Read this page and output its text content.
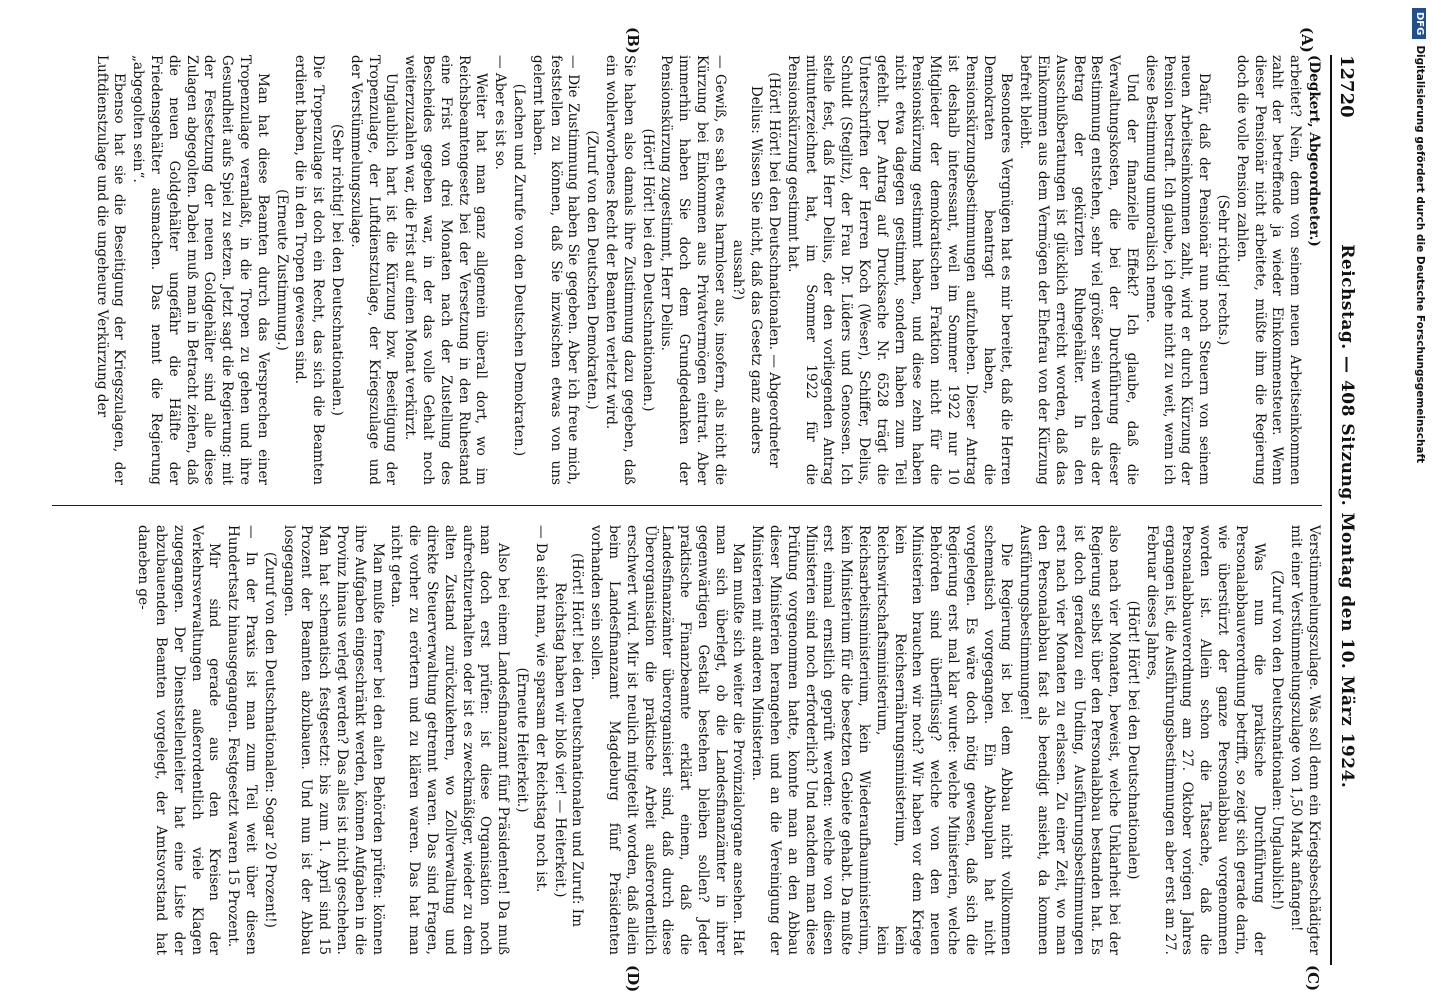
12720
Reichstag. — 408 Sitzung. Montag den 10. März 1924.
(A)
(B)
(C)
(D)

(Degkert, Abgeordneter.)

arbeitet? Nein, denn von seinem neuen Arbeitseinkommen zahlt der betreffende ja wieder Einkommensteuer. Wenn dieser Pensionär nicht arbeitete, müßte ihm die Regierung doch die volle Pension zahlen.

(Sehr richtig! rechts.)

Dafür, daß der Pensionär nun noch Steuern von seinem neuen Arbeitseinkommen zahlt, wird er durch Kürzung der Pension bestraft. Ich glaube, ich gehe nicht zu weit, wenn ich diese Bestimmung unmoralisch nenne.

Und der finanzielle Effekt? Ich glaube, daß die Verwaltungskosten, die bei der Durchführung dieser Bestimmung entstehen, sehr viel größer sein werden als der Betrag der gekürzten Ruhegehälter. In den Ausschußberatungen ist glücklich erreicht worden, daß das Einkommen aus dem Vermögen der Ehefrau von der Kürzung befreit bleibt.

Besonderes Vergnügen hat es mir bereitet, daß die Herren Demokraten beantragt haben, die Pensionskürzungsbestimmungen aufzuheben. Dieser Antrag ist deshalb interessant, weil im Sommer 1922 nur 10 Mitglieder der demokratischen Fraktion nicht für die Pensionskürzung gestimmt haben, und diese zehn haben nicht etwa dagegen gestimmt, sondern haben zum Teil gefehlt. Der Antrag auf Drucksache Nr. 6528 trägt die Unterschriften der Herren Koch (Weser), Schiffer, Delius, Schuldt (Steglitz), der Frau Dr. Lüders und Genossen. Ich stelle fest, daß Herr Delius, der den vorliegenden Antrag mitunterzeichnet hat, im Sommer 1922 für die Pensionskürzung gestimmt hat.

(Hört! Hört! bei den Deutschnationalen. — Abgeordneter Delius: Wissen Sie nicht, daß das Gesetz ganz anders aussah?)

— Gewiß, es sah etwas harmloser aus, insofern, als nicht die Kürzung bei Einkommen aus Privatvermögen eintrat. Aber immerhin haben Sie doch dem Grundgedanken der Pensionskürzung zugestimmt, Herr Delius.

(Hört! Hört! bei den Deutschnationalen.)

Sie haben also damals ihre Zustimmung dazu gegeben, daß ein wohlerworbenes Recht der Beamten verletzt wird.

(Zuruf von den Deutschen Demokraten.)

— Die Zustimmung haben Sie gegeben. Aber ich freue mich, feststellen zu können, daß Sie inzwischen etwas von uns gelernt haben.

(Lachen und Zurufe von den Deutschen Demokraten.)

— Aber es ist so.

Weiter hat man ganz allgemein überall dort, wo im Reichsbeamtengesetz bei der Versetzung in den Ruhestand eine Frist von drei Monaten nach der Zustellung des Bescheides gegeben war, in der das volle Gehalt noch weiterzuzahlen war, die Frist auf einen Monat verkürzt.

Unglaublich hart ist die Kürzung bzw. Beseitigung der Tropenzulage, der Luftdienstzulage, der Kriegszulage und der Verstümmelungszulage.

(Sehr richtig! bei den Deutschnationalen.)

Die Tropenzulage ist doch ein Recht, das sich die Beamten erdient haben, die in den Tropen gewesen sind.

(Erneute Zustimmung.)

Man hat diese Beamten durch das Versprechen einer Tropenzulage veranlaßt, in die Tropen zu gehen und ihre Gesundheit aufs Spiel zu setzen. Jetzt sagt die Regierung: mit der Festsetzung der neuen Goldgehälter sind alle diese Zulagen abgegolten. Dabei muß man in Betracht ziehen, daß die neuen Goldgehälter ungefähr die Hälfte der Friedensgehälter ausmachen. Das nennt die Regierung „abgegolten sein“.

Ebenso hat sie die Beseitigung der Kriegszulagen, der Luftdienstzulage und die ungeheure Verkürzung der

Verstümmelungszulage. Was soll denn ein Kriegsbeschädigter mit einer Verstümmelungszulage von 1,50 Mark anfangen!

(Zuruf von den Deutschnationalen: Unglaublich!)

Was nun die praktische Durchführung der Personalabbauverordnung betrifft, so zeigt sich gerade darin, wie überstürzt der ganze Personalabbau vorgenommen worden ist. Allein schon die Tatsache, daß die Personalabbauverordnung am 27. Oktober vorigen Jahres ergangen ist, die Ausführungsbestimmungen aber erst am 27. Februar dieses Jahres,

(Hört! Hört! bei den Deutschnationalen)

also nach vier Monaten, beweist, welche Unklarheit bei der Regierung selbst über den Personalabbau bestanden hat. Es ist doch geradezu ein Unding, Ausführungsbestimmungen erst nach vier Monaten zu erlassen. Zu einer Zeit, wo man den Personalabbau fast als beendigt ansieht, da kommen Ausführungsbestimmungen!

Die Regierung ist bei dem Abbau nicht vollkommen schematisch vorgegangen. Ein Abbauplan hat nicht vorgelegen. Es wäre doch nötig gewesen, daß sich die Regierung erst mal klar wurde: welche Ministerien, welche Behörden sind überflüssig? welche von den neuen Ministerien brauchen wir noch? Wir haben vor dem Kriege kein Reichsernährungsministerium, kein Reichswirtschaftsministerium, kein Reichsarbeitsministerium, kein Wiederaufbauministerium, kein Ministerium für die besetzten Gebiete gehabt. Da mußte erst einmal ernstlich geprüft werden: welche von diesen Ministerien sind noch erforderlich? Und nachdem man diese Prüfung vorgenommen hatte, konnte man an den Abbau dieser Ministerien herangehen und an die Vereinigung der Ministerien mit anderen Ministerien.

Man mußte sich weiter die Provinzialorgane ansehen. Hat man sich überlegt, ob die Landesfinanzämter in ihrer gegenwärtigen Gestalt bestehen bleiben sollen? Jeder praktische Finanzbeamte erklärt einem, daß die Landesfinanzämter überorganisiert sind, daß durch diese Überorganisation die praktische Arbeit außerordentlich erschwert wird. Mir ist neulich mitgeteilt worden, daß allein beim Landesfinanzamt Magdeburg fünf Präsidenten vorhanden sein sollen.

(Hört! Hört! bei den Deutschnationalen und Zuruf: Im Reichstag haben wir bloß vier! — Heiterkeit.)

— Da sieht man, wie sparsam der Reichstag noch ist.

(Erneute Heiterkeit.)

Also bei einem Landesfinanzamt fünf Präsidenten! Da muß man doch erst prüfen: ist diese Organisation noch aufrechtzuerhalten oder ist es zweckmäßiger, wieder zu dem alten Zustand zurückzukehren, wo Zollverwaltung und direkte Steuerverwaltung getrennt waren. Das sind Fragen, die vorher zu erörtern und zu klären waren. Das hat man nicht getan.

Man mußte ferner bei den alten Behörden prüfen: können ihre Aufgaben eingeschränkt werden, können Aufgaben in die Provinz hinaus verlegt werden? Das alles ist nicht geschehen. Man hat schematisch festgesetzt: bis zum 1. April sind 15 Prozent der Beamten abzubauen. Und nun ist der Abbau losgegangen.

(Zuruf von den Deutschnationalen: Sogar 20 Prozent!)

— In der Praxis ist man zum Teil weit über diesen Hundertsatz hinausgegangen. Festgesetzt waren 15 Prozent.

Mir sind gerade aus den Kreisen der Verkehrsverwaltungen außerordentlich viele Klagen zugegangen. Der Dienststellenleiter hat eine Liste der abzubauenden Beamten vorgelegt, der Amtsvorstand hat daneben ge-

DFGDigitalisierung gefördert durch die Deutsche Forschungsgemeinschaft
